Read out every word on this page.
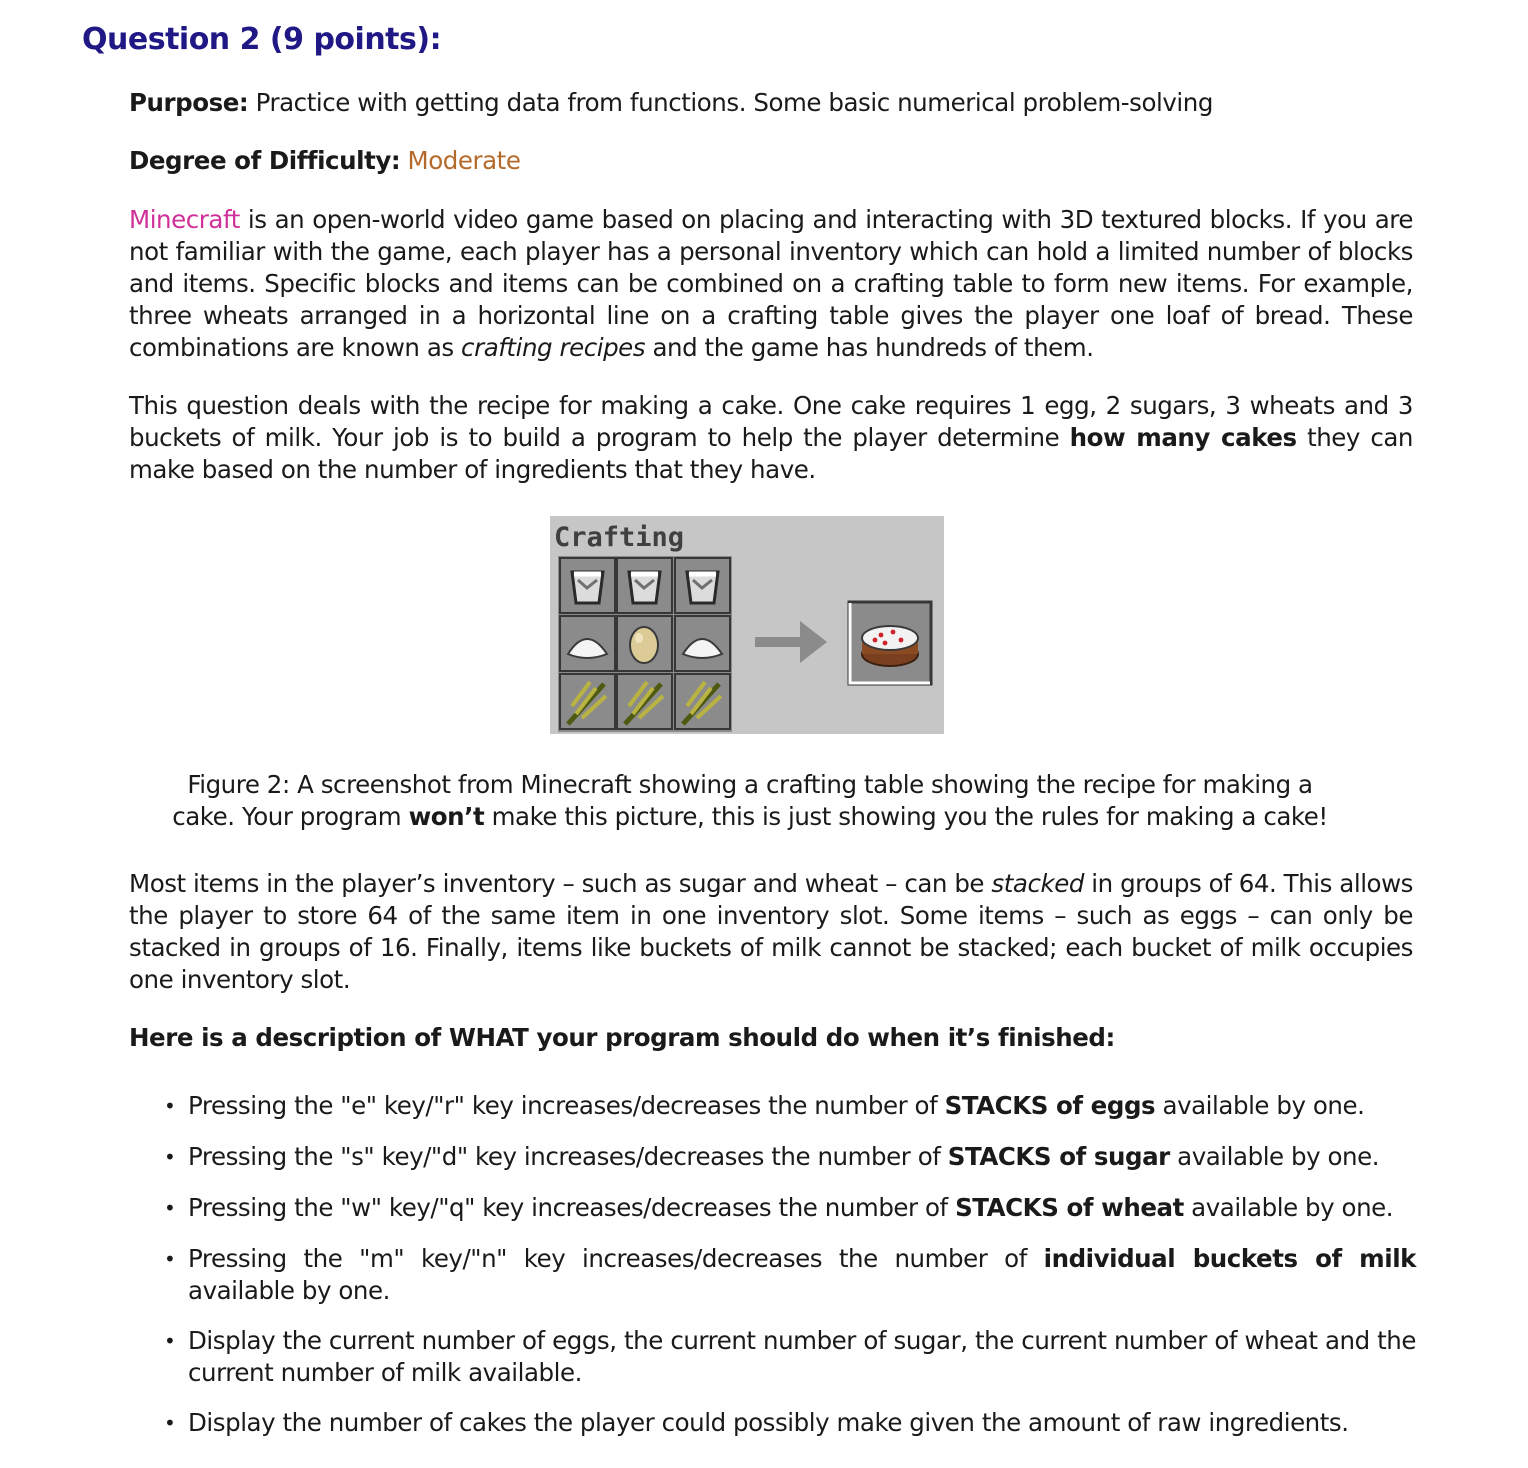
Question 2 (9 points):

Purpose: Practice with getting data from functions. Some basic numerical problem-solving

Degree of Difficulty: Moderate

Minecraft is an open-world video game based on placing and interacting with 3D textured blocks. If you are not familiar with the game, each player has a personal inventory which can hold a limited number of blocks and items. Specific blocks and items can be combined on a crafting table to form new items. For example, three wheats arranged in a horizontal line on a crafting table gives the player one loaf of bread. These combinations are known as crafting recipes and the game has hundreds of them.

This question deals with the recipe for making a cake. One cake requires 1 egg, 2 sugars, 3 wheats and 3 buckets of milk. Your job is to build a program to help the player determine how many cakes they can make based on the number of ingredients that they have.

Crafting

Figure 2: A screenshot from Minecraft showing a crafting table showing the recipe for making a
cake. Your program won’t make this picture, this is just showing you the rules for making a cake!

Most items in the player’s inventory – such as sugar and wheat – can be stacked in groups of 64. This allows the player to store 64 of the same item in one inventory slot. Some items – such as eggs – can only be stacked in groups of 16. Finally, items like buckets of milk cannot be stacked; each bucket of milk occupies one inventory slot.

Here is a description of WHAT your program should do when it’s finished:

• Pressing the "e" key/"r" key increases/decreases the number of STACKS of eggs available by one.
• Pressing the "s" key/"d" key increases/decreases the number of STACKS of sugar available by one.
• Pressing the "w" key/"q" key increases/decreases the number of STACKS of wheat available by one.
• Pressing the "m" key/"n" key increases/decreases the number of individual buckets of milk available by one.
• Display the current number of eggs, the current number of sugar, the current number of wheat and the current number of milk available.
• Display the number of cakes the player could possibly make given the amount of raw ingredients.
